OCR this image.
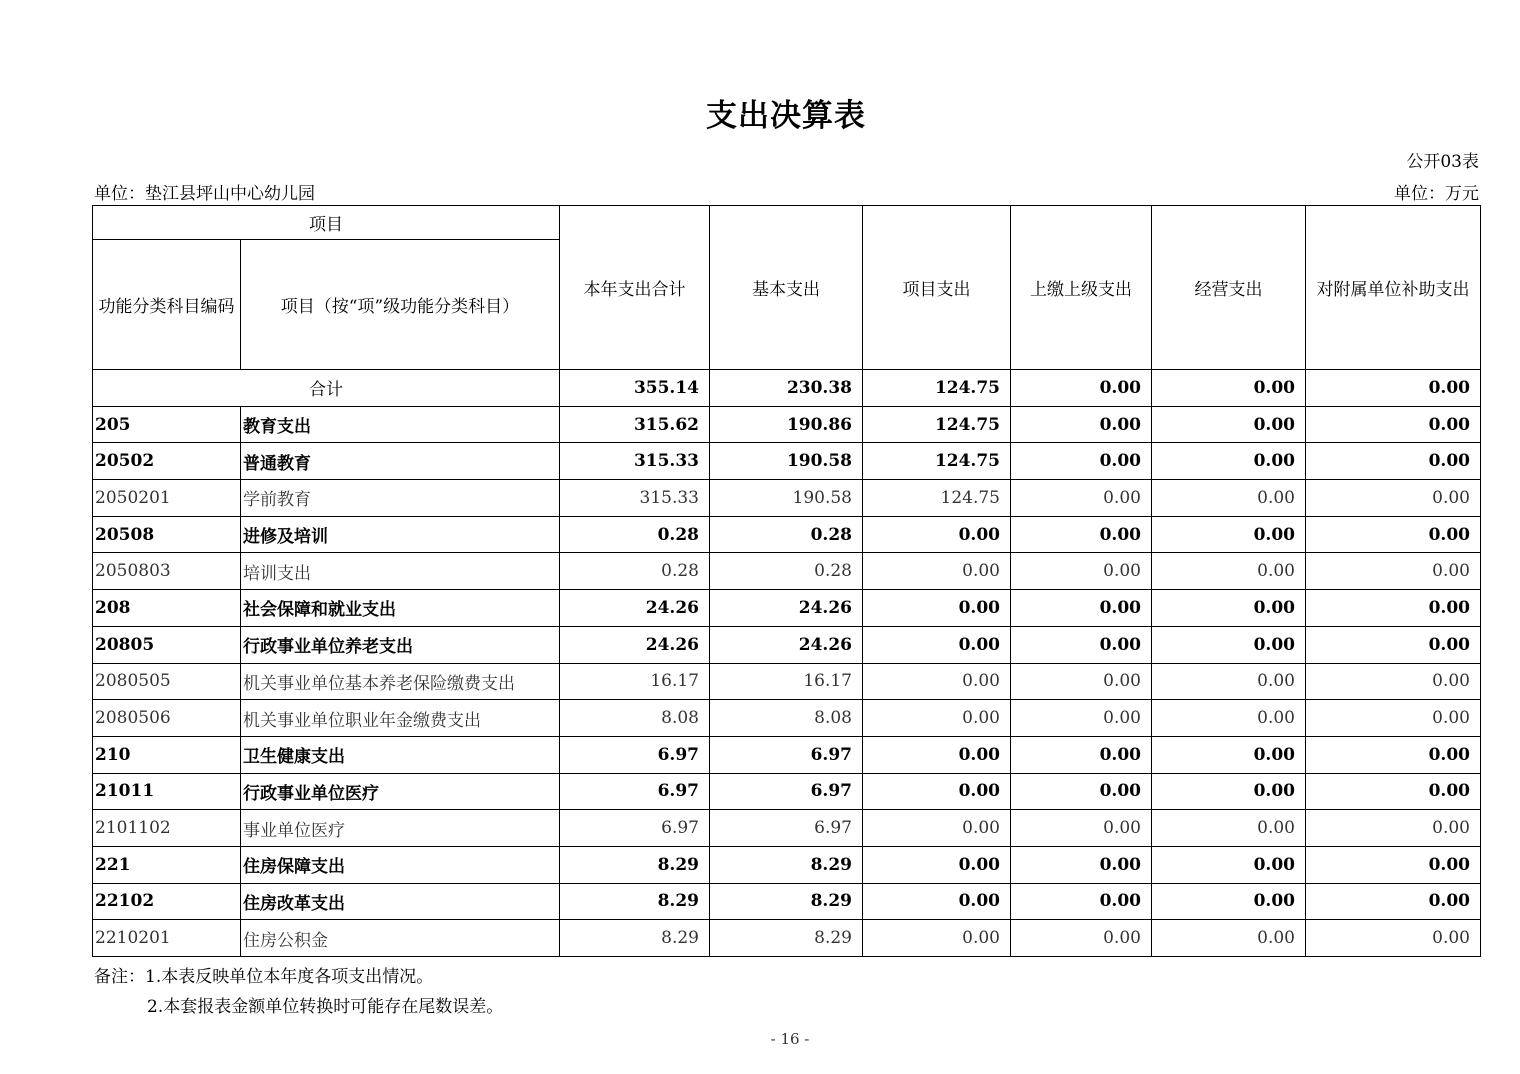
支出决算表
公开03表
单位：垫江县坪山中心幼儿园	单位：万元
项目		本年支出合计	基本支出	项目支出	上缴上级支出	经营支出	对附属单位补助支出
功能分类科目编码	项目（按“项”级功能分类科目）						
合计		355.14	230.38	124.75	0.00	0.00	0.00
205	教育支出	315.62	190.86	124.75	0.00	0.00	0.00
20502	普通教育	315.33	190.58	124.75	0.00	0.00	0.00
2050201	学前教育	315.33	190.58	124.75	0.00	0.00	0.00
20508	进修及培训	0.28	0.28	0.00	0.00	0.00	0.00
2050803	培训支出	0.28	0.28	0.00	0.00	0.00	0.00
208	社会保障和就业支出	24.26	24.26	0.00	0.00	0.00	0.00
20805	行政事业单位养老支出	24.26	24.26	0.00	0.00	0.00	0.00
2080505	机关事业单位基本养老保险缴费支出	16.17	16.17	0.00	0.00	0.00	0.00
2080506	机关事业单位职业年金缴费支出	8.08	8.08	0.00	0.00	0.00	0.00
210	卫生健康支出	6.97	6.97	0.00	0.00	0.00	0.00
21011	行政事业单位医疗	6.97	6.97	0.00	0.00	0.00	0.00
2101102	事业单位医疗	6.97	6.97	0.00	0.00	0.00	0.00
221	住房保障支出	8.29	8.29	0.00	0.00	0.00	0.00
22102	住房改革支出	8.29	8.29	0.00	0.00	0.00	0.00
2210201	住房公积金	8.29	8.29	0.00	0.00	0.00	0.00
备注：1.本表反映单位本年度各项支出情况。
2.本套报表金额单位转换时可能存在尾数误差。
- 16 -
